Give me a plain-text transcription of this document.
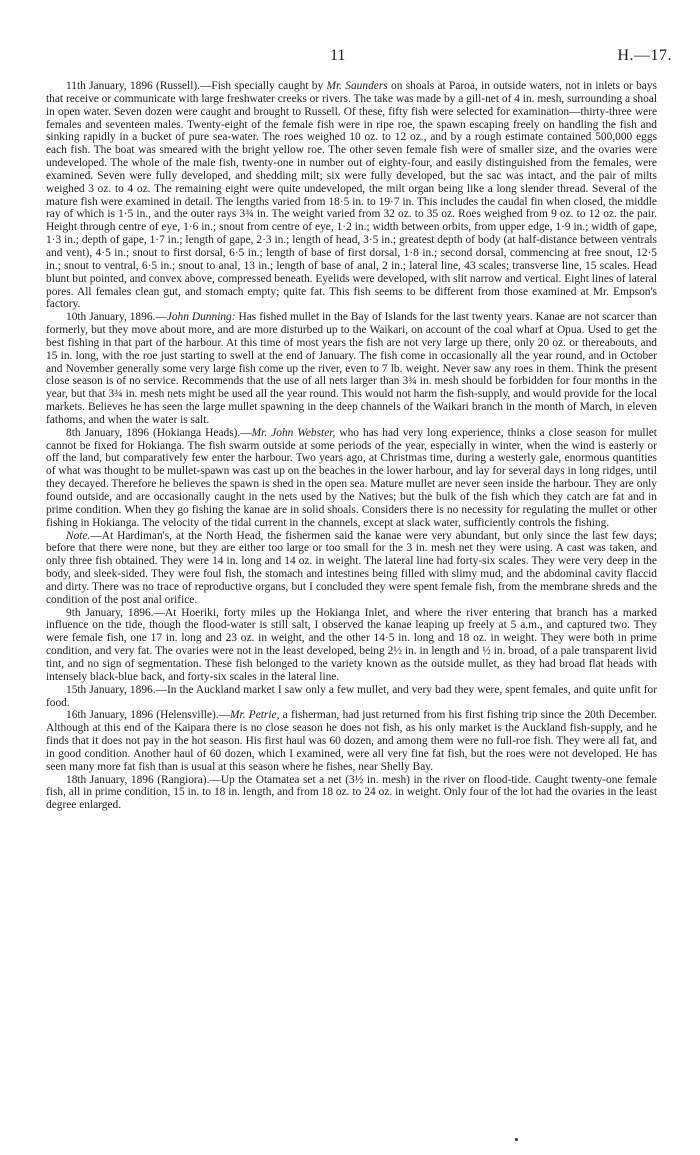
11	H.—17.

11th January, 1896 (Russell).—Fish specially caught by Mr. Saunders on shoals at Paroa, in outside waters, not in inlets or bays that receive or communicate with large freshwater creeks or rivers. The take was made by a gill-net of 4 in. mesh, surrounding a shoal in open water. Seven dozen were caught and brought to Russell. Of these, fifty fish were selected for examination—thirty-three were females and seventeen males. Twenty-eight of the female fish were in ripe roe, the spawn escaping freely on handling the fish and sinking rapidly in a bucket of pure sea-water. The roes weighed 10 oz. to 12 oz., and by a rough estimate contained 500,000 eggs each fish. The boat was smeared with the bright yellow roe. The other seven female fish were of smaller size, and the ovaries were undeveloped. The whole of the male fish, twenty-one in number out of eighty-four, and easily distinguished from the females, were examined. Seven were fully developed, and shedding milt; six were fully developed, but the sac was intact, and the pair of milts weighed 3 oz. to 4 oz. The remaining eight were quite undeveloped, the milt organ being like a long slender thread. Several of the mature fish were examined in detail. The lengths varied from 18·5 in. to 19·7 in. This includes the caudal fin when closed, the middle ray of which is 1·5 in., and the outer rays 3¾ in. The weight varied from 32 oz. to 35 oz. Roes weighed from 9 oz. to 12 oz. the pair. Height through centre of eye, 1·6 in.; snout from centre of eye, 1·2 in.; width between orbits, from upper edge, 1·9 in.; width of gape, 1·3 in.; depth of gape, 1·7 in.; length of gape, 2·3 in.; length of head, 3·5 in.; greatest depth of body (at half-distance between ventrals and vent), 4·5 in.; snout to first dorsal, 6·5 in.; length of base of first dorsal, 1·8 in.; second dorsal, commencing at free snout, 12·5 in.; snout to ventral, 6·5 in.; snout to anal, 13 in.; length of base of anal, 2 in.; lateral line, 43 scales; transverse line, 15 scales. Head blunt but pointed, and convex above, compressed beneath. Eyelids were developed, with slit narrow and vertical. Eight lines of lateral pores. All females clean gut, and stomach empty; quite fat. This fish seems to be different from those examined at Mr. Empson's factory.

10th January, 1896.—John Dunning: Has fished mullet in the Bay of Islands for the last twenty years. Kanae are not scarcer than formerly, but they move about more, and are more disturbed up to the Waikari, on account of the coal wharf at Opua. Used to get the best fishing in that part of the harbour. At this time of most years the fish are not very large up there, only 20 oz. or thereabouts, and 15 in. long, with the roe just starting to swell at the end of January. The fish come in occasionally all the year round, and in October and November generally some very large fish come up the river, even to 7 lb. weight. Never saw any roes in them. Think the present close season is of no service. Recommends that the use of all nets larger than 3¾ in. mesh should be forbidden for four months in the year, but that 3¾ in. mesh nets might be used all the year round. This would not harm the fish-supply, and would provide for the local markets. Believes he has seen the large mullet spawning in the deep channels of the Waikari branch in the month of March, in eleven fathoms, and when the water is salt.

8th January, 1896 (Hokianga Heads).—Mr. John Webster, who has had very long experience, thinks a close season for mullet cannot be fixed for Hokianga. The fish swarm outside at some periods of the year, especially in winter, when the wind is easterly or off the land, but comparatively few enter the harbour. Two years ago, at Christmas time, during a westerly gale, enormous quantities of what was thought to be mullet-spawn was cast up on the beaches in the lower harbour, and lay for several days in long ridges, until they decayed. Therefore he believes the spawn is shed in the open sea. Mature mullet are never seen inside the harbour. They are only found outside, and are occasionally caught in the nets used by the Natives; but the bulk of the fish which they catch are fat and in prime condition. When they go fishing the kanae are in solid shoals. Considers there is no necessity for regulating the mullet or other fishing in Hokianga. The velocity of the tidal current in the channels, except at slack water, sufficiently controls the fishing.

Note.—At Hardiman's, at the North Head, the fishermen said the kanae were very abundant, but only since the last few days; before that there were none, but they are either too large or too small for the 3 in. mesh net they were using. A cast was taken, and only three fish obtained. They were 14 in. long and 14 oz. in weight. The lateral line had forty-six scales. They were very deep in the body, and sleek-sided. They were foul fish, the stomach and intestines being filled with slimy mud, and the abdominal cavity flaccid and dirty. There was no trace of reproductive organs, but I concluded they were spent female fish, from the membrane shreds and the condition of the post anal orifice.

9th January, 1896.—At Hoeriki, forty miles up the Hokianga Inlet, and where the river entering that branch has a marked influence on the tide, though the flood-water is still salt, I observed the kanae leaping up freely at 5 a.m., and captured two. They were female fish, one 17 in. long and 23 oz. in weight, and the other 14·5 in. long and 18 oz. in weight. They were both in prime condition, and very fat. The ovaries were not in the least developed, being 2½ in. in length and ½ in. broad, of a pale transparent livid tint, and no sign of segmentation. These fish belonged to the variety known as the outside mullet, as they had broad flat heads with intensely black-blue back, and forty-six scales in the lateral line.

15th January, 1896.—In the Auckland market I saw only a few mullet, and very bad they were, spent females, and quite unfit for food.

16th January, 1896 (Helensville).—Mr. Petrie, a fisherman, had just returned from his first fishing trip since the 20th December. Although at this end of the Kaipara there is no close season he does not fish, as his only market is the Auckland fish-supply, and he finds that it does not pay in the hot season. His first haul was 60 dozen, and among them were no full-roe fish. They were all fat, and in good condition. Another haul of 60 dozen, which I examined, were all very fine fat fish, but the roes were not developed. He has seen many more fat fish than is usual at this season where he fishes, near Shelly Bay.

18th January, 1896 (Rangiora).—Up the Otamatea set a net (3½ in. mesh) in the river on flood-tide. Caught twenty-one female fish, all in prime condition, 15 in. to 18 in. length, and from 18 oz. to 24 oz. in weight. Only four of the lot had the ovaries in the least degree enlarged.
